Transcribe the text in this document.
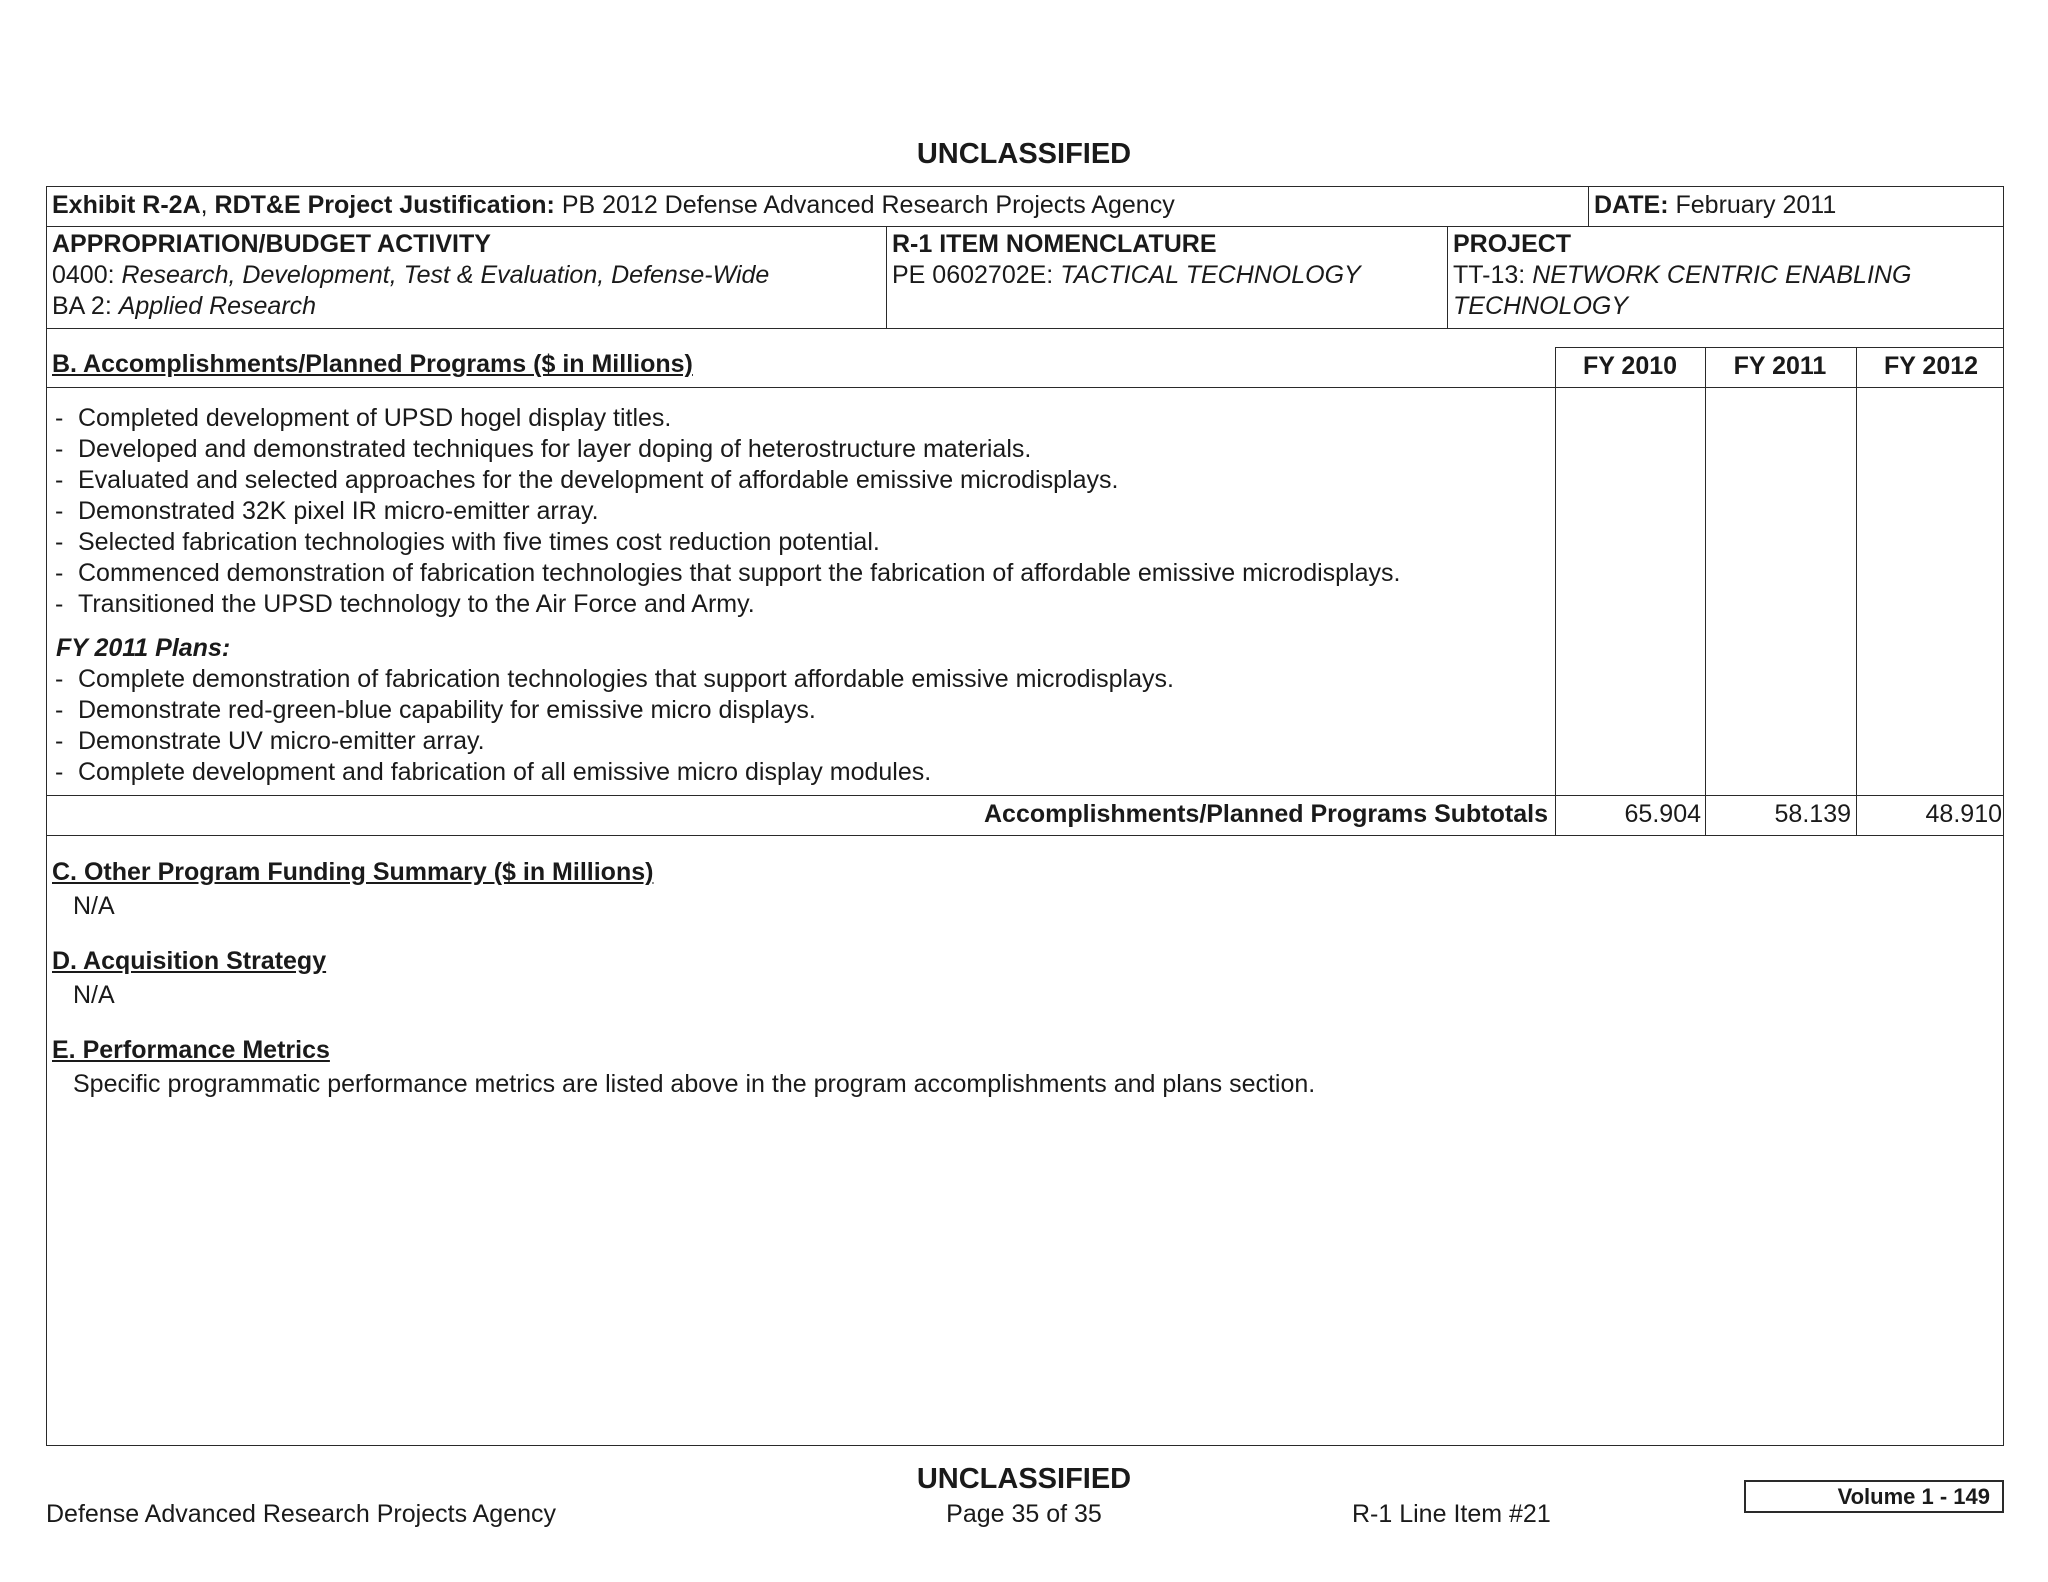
UNCLASSIFIED
Exhibit R-2A, RDT&E Project Justification: PB 2012 Defense Advanced Research Projects Agency	DATE: February 2011
APPROPRIATION/BUDGET ACTIVITY
0400: Research, Development, Test & Evaluation, Defense-Wide
BA 2: Applied Research
R-1 ITEM NOMENCLATURE
PE 0602702E: TACTICAL TECHNOLOGY
PROJECT
TT-13: NETWORK CENTRIC ENABLING
TECHNOLOGY
B. Accomplishments/Planned Programs ($ in Millions)	FY 2010	FY 2011	FY 2012
- Completed development of UPSD hogel display titles.
- Developed and demonstrated techniques for layer doping of heterostructure materials.
- Evaluated and selected approaches for the development of affordable emissive microdisplays.
- Demonstrated 32K pixel IR micro-emitter array.
- Selected fabrication technologies with five times cost reduction potential.
- Commenced demonstration of fabrication technologies that support the fabrication of affordable emissive microdisplays.
- Transitioned the UPSD technology to the Air Force and Army.
FY 2011 Plans:
- Complete demonstration of fabrication technologies that support affordable emissive microdisplays.
- Demonstrate red-green-blue capability for emissive micro displays.
- Demonstrate UV micro-emitter array.
- Complete development and fabrication of all emissive micro display modules.
Accomplishments/Planned Programs Subtotals	65.904	58.139	48.910
C. Other Program Funding Summary ($ in Millions)
N/A
D. Acquisition Strategy
N/A
E. Performance Metrics
Specific programmatic performance metrics are listed above in the program accomplishments and plans section.
UNCLASSIFIED
Defense Advanced Research Projects Agency	Page 35 of 35	R-1 Line Item #21
Volume 1 - 149
